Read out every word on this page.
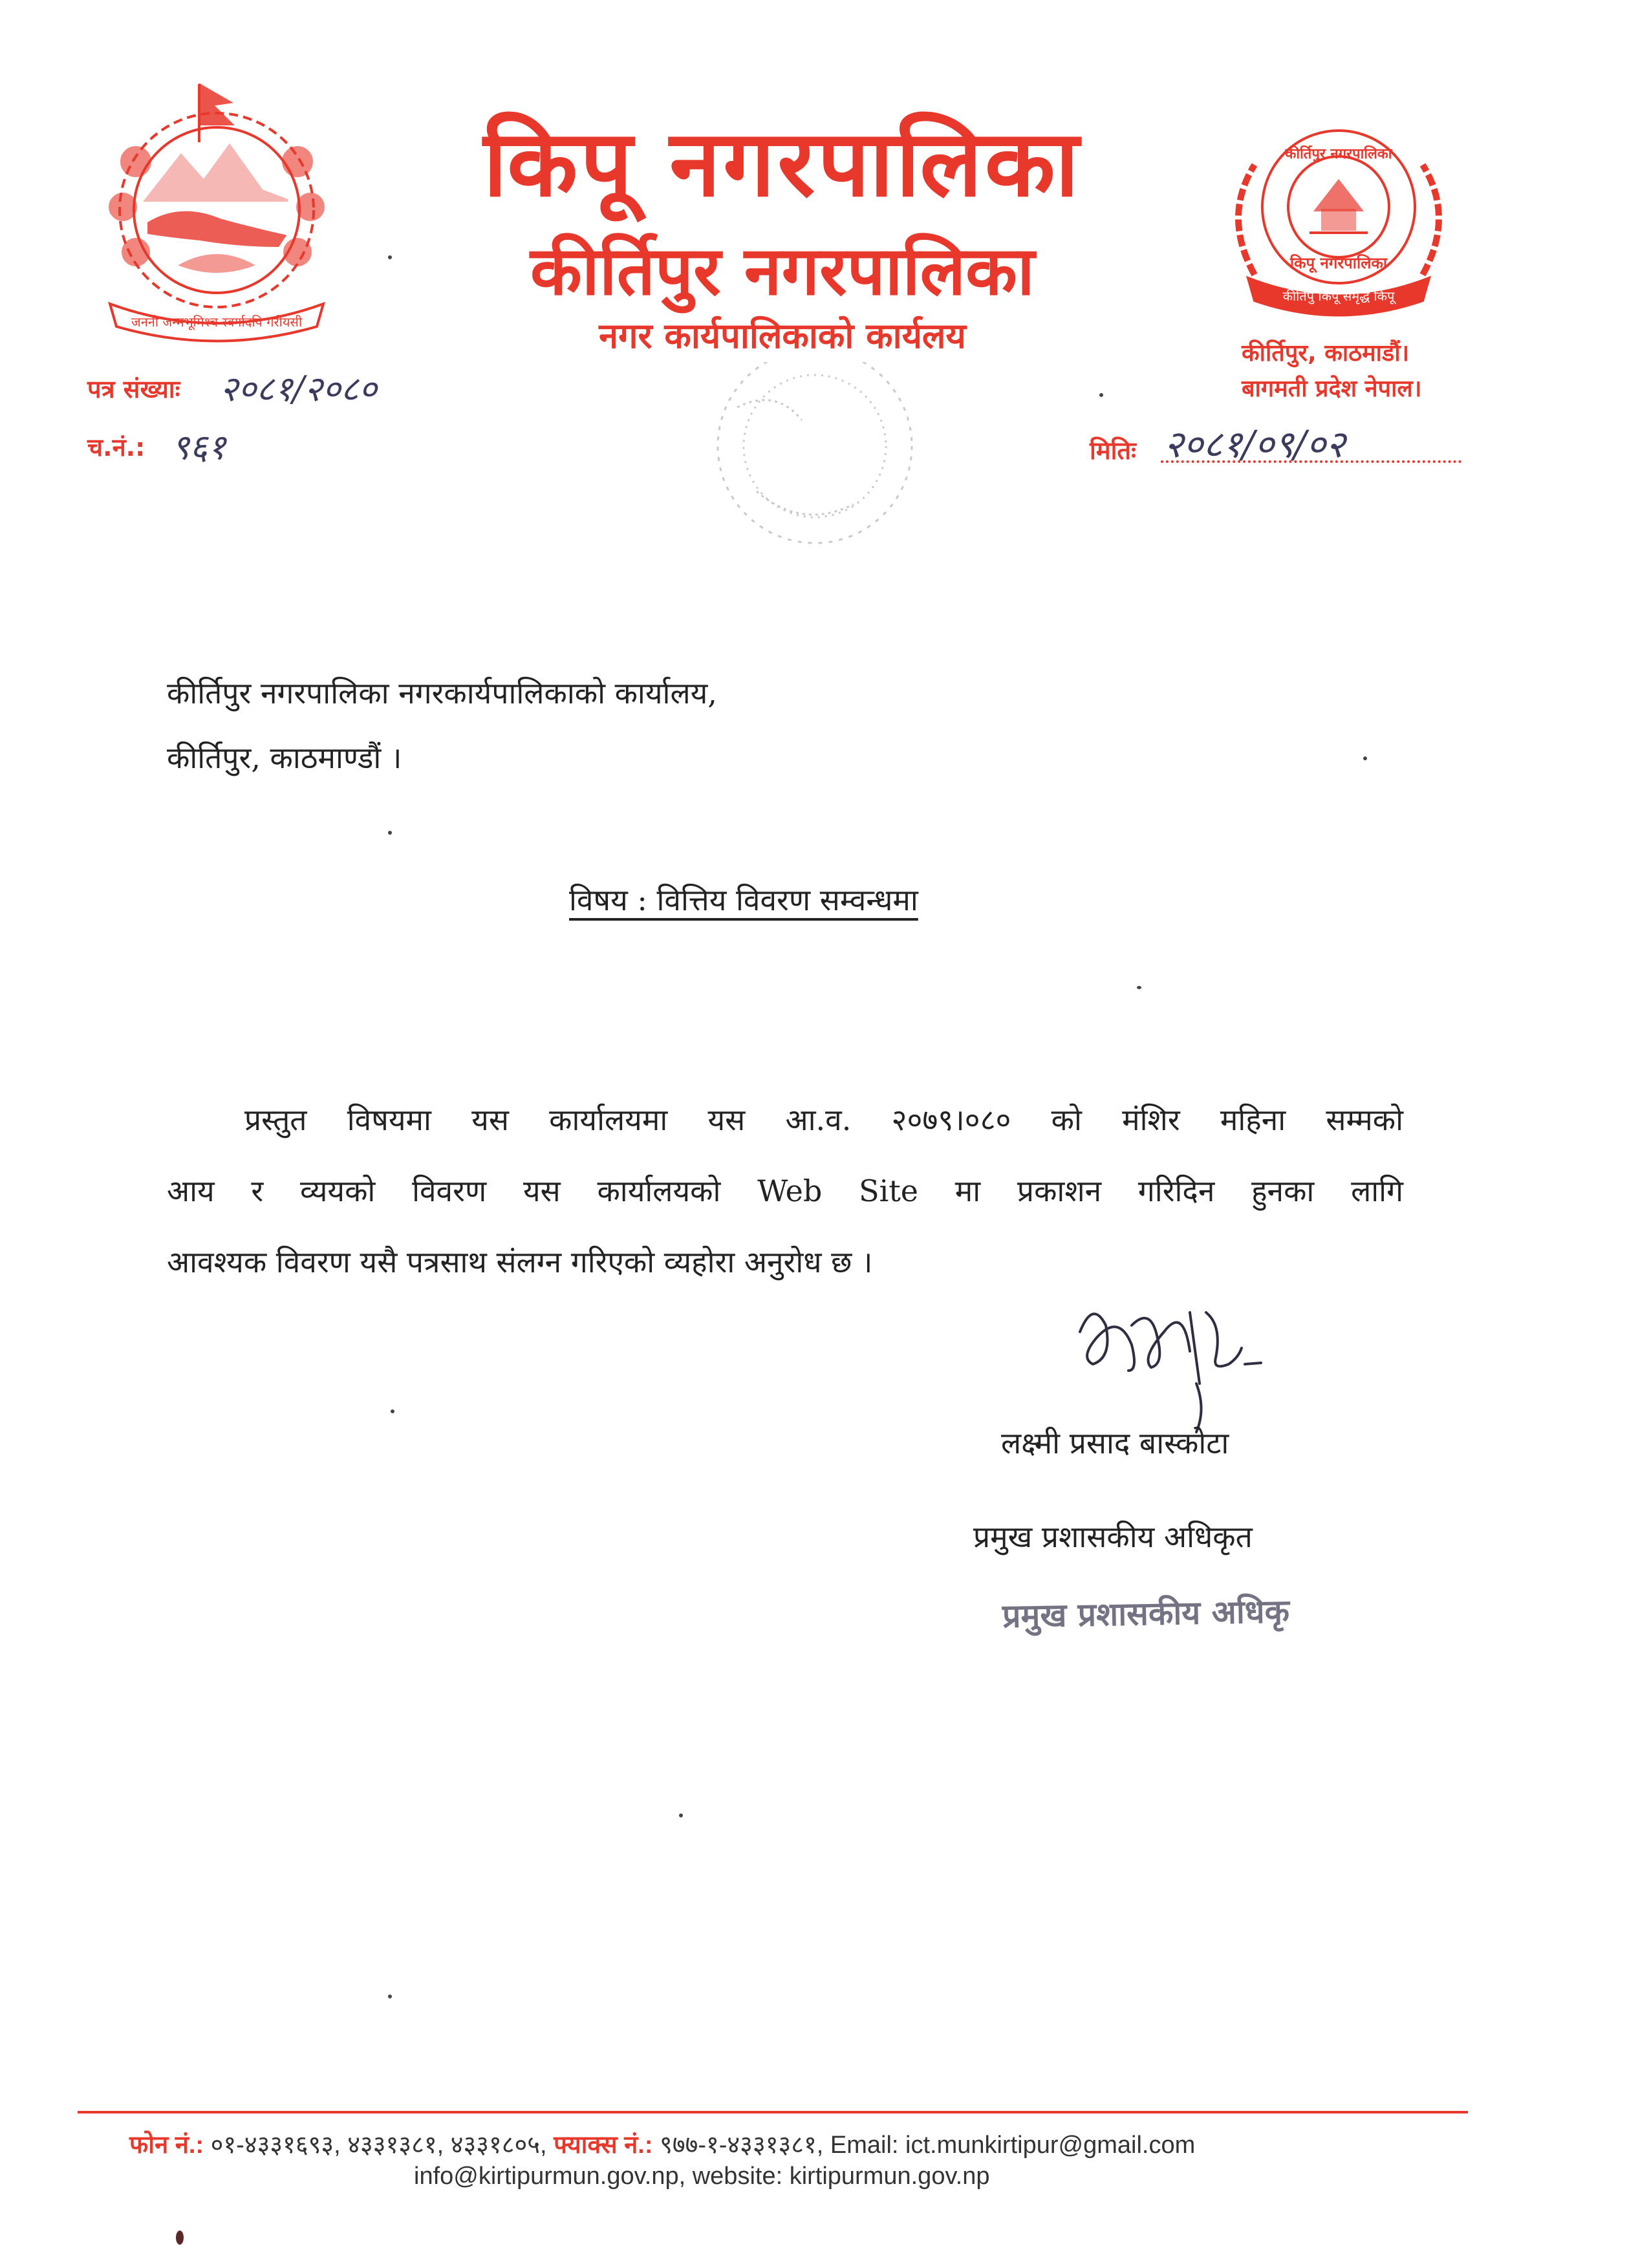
जननी जन्मभूमिश्च स्वर्गादपि गरीयसी
किपू नगरपालिका
कीर्तिपुर नगरपालिका
नगर कार्यपालिकाको कार्यलय
कीर्तिपुर नगरपालिका
किपू नगरपालिका
कीर्तिपु किपू समृद्ध किपू
कीर्तिपुर, काठमाडौं।
बागमती प्रदेश नेपाल।
पत्र संख्याः २०८१/२०८०
च.नं.: ९६१	मितिः २०८१/०९/०२
कीर्तिपुर नगरपालिका नगरकार्यपालिकाको कार्यालय,
कीर्तिपुर, काठमाण्डौं ।
विषय : वित्तिय विवरण सम्वन्धमा
प्रस्तुत विषयमा यस कार्यालयमा यस आ.व. २०७९।०८० को मंशिर महिना सम्मको
आय र व्ययको विवरण यस कार्यालयको Web Site मा प्रकाशन गरिदिन हुनका लागि
आवश्यक विवरण यसै पत्रसाथ संलग्न गरिएको व्यहोरा अनुरोध छ ।
लक्ष्मी प्रसाद बास्कोटा
प्रमुख प्रशासकीय अधिकृत
प्रमुख प्रशासकीय अधिकृ
फोन नं.: ०१-४३३१६९३, ४३३१३८१, ४३३१८०५, फ्याक्स नं.: ९७७-१-४३३१३८१, Email: ict.munkirtipur@gmail.com
info@kirtipurmun.gov.np, website: kirtipurmun.gov.np
